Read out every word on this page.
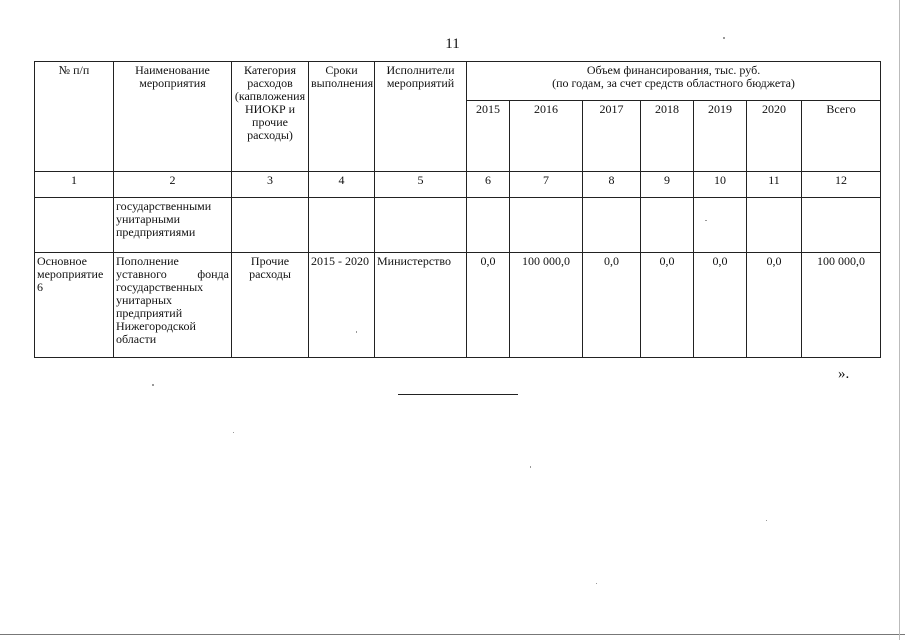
11
№ п/п	Наименование мероприятия	Категория расходов (капвложения НИОКР и прочие расходы)	Сроки выполнения	Исполнители мероприятий	Объем финансирования, тыс. руб.
(по годам, за счет средств областного бюджета)						

					2015	2016	2017	2018	2019	2020	Всего
1	2	3	4	5	6	7	8	9	10	11	12
	государственными унитарными предприятиями										
Основное мероприятие 6	Пополнение уставного фонда государственных унитарных предприятий Нижегородской области	Прочие расходы	2015 - 2020	Министерство	0,0	100 000,0	0,0	0,0	0,0	0,0	100 000,0
».
